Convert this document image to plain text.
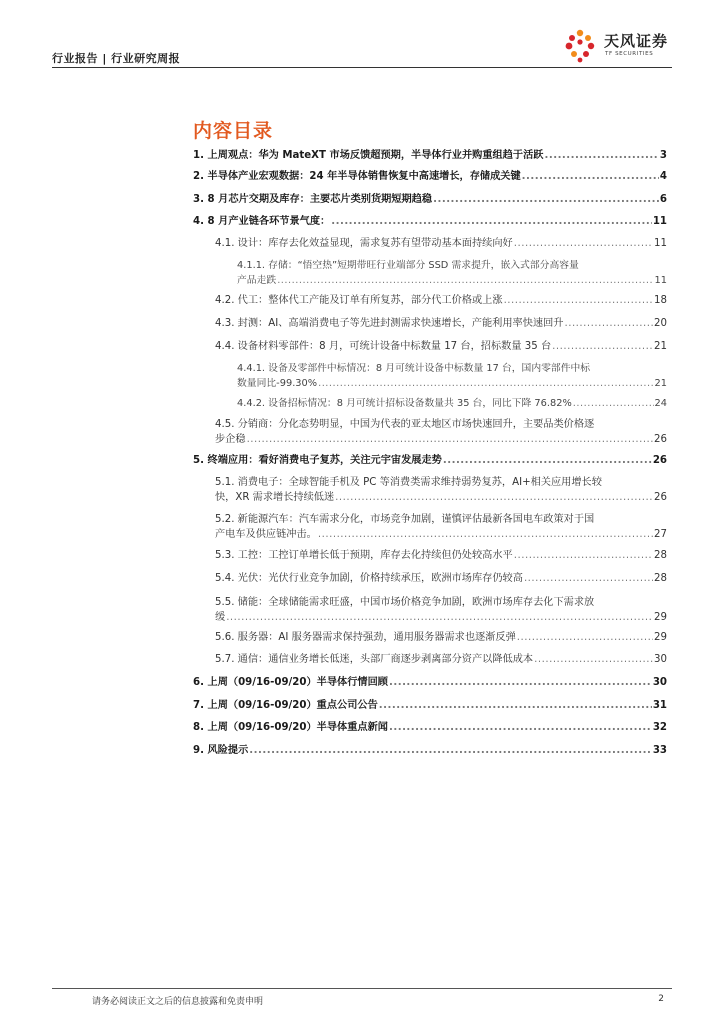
行业报告 | 行业研究周报
天风证券
TF SECURITIES
内容目录
1. 上周观点：华为 MateXT 市场反馈超预期，半导体行业并购重组趋于活跃 .....	3
2. 半导体产业宏观数据：24 年半导体销售恢复中高速增长，存储成关键 .....	4
3. 8 月芯片交期及库存：主要芯片类别货期短期趋稳 .....	6
4. 8 月产业链各环节景气度： .....	11
4.1. 设计：库存去化效益显现，需求复苏有望带动基本面持续向好 .....	11
4.1.1. 存储：“悟空热”短期带旺行业端部分 SSD 需求提升，嵌入式部分高容量
产品走跌 .....	11
4.2. 代工：整体代工产能及订单有所复苏，部分代工价格或上涨 .....	18
4.3. 封测：AI、高端消费电子等先进封测需求快速增长，产能利用率快速回升 .....	20
4.4. 设备材料零部件：8 月，可统计设备中标数量 17 台，招标数量 35 台 .....	21
4.4.1. 设备及零部件中标情况：8 月可统计设备中标数量 17 台，国内零部件中标
数量同比-99.30% .....	21
4.4.2. 设备招标情况：8 月可统计招标设备数量共 35 台，同比下降 76.82% .....	24
4.5. 分销商：分化态势明显，中国为代表的亚太地区市场快速回升，主要品类价格逐
步企稳 .....	26
5. 终端应用：看好消费电子复苏，关注元宇宙发展走势 .....	26
5.1. 消费电子：全球智能手机及 PC 等消费类需求维持弱势复苏，AI+相关应用增长较
快，XR 需求增长持续低迷 .....	26
5.2. 新能源汽车：汽车需求分化，市场竞争加剧，谨慎评估最新各国电车政策对于国
产电车及供应链冲击。 .....	27
5.3. 工控：工控订单增长低于预期，库存去化持续但仍处较高水平 .....	28
5.4. 光伏：光伏行业竞争加剧，价格持续承压，欧洲市场库存仍较高 .....	28
5.5. 储能：全球储能需求旺盛，中国市场价格竞争加剧，欧洲市场库存去化下需求放
缓 .....	29
5.6. 服务器：AI 服务器需求保持强劲，通用服务器需求也逐渐反弹 .....	29
5.7. 通信：通信业务增长低迷，头部厂商逐步剥离部分资产以降低成本 .....	30
6. 上周（09/16-09/20）半导体行情回顾 .....	30
7. 上周（09/16-09/20）重点公司公告 .....	31
8. 上周（09/16-09/20）半导体重点新闻 .....	32
9. 风险提示 .....	33
请务必阅读正文之后的信息披露和免责申明	2
